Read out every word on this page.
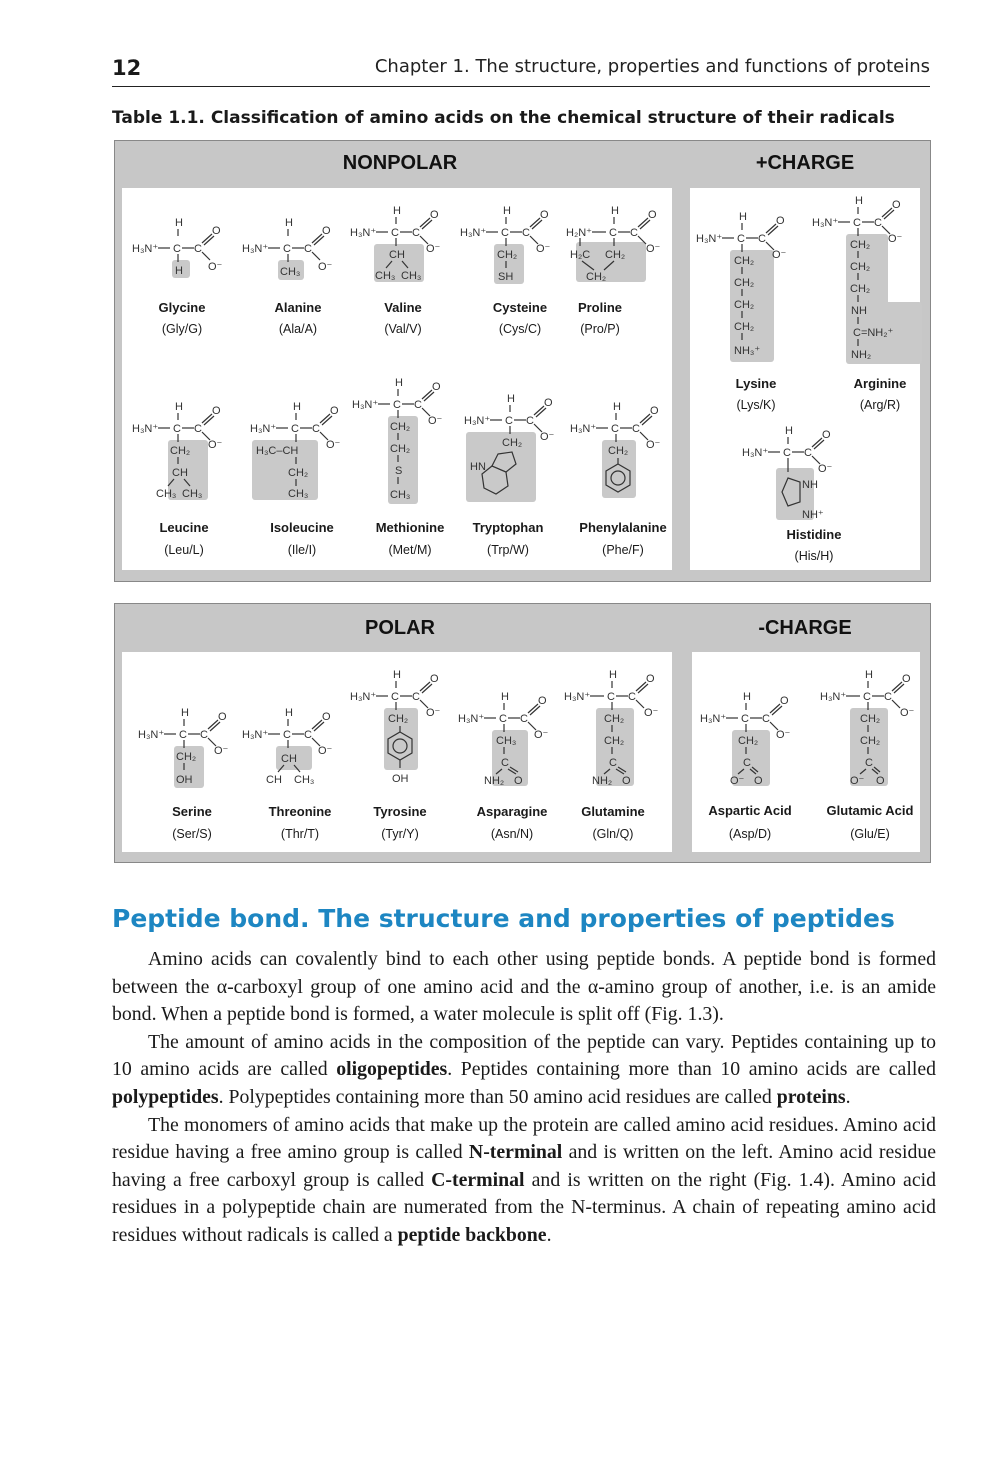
12	Chapter 1. The structure, properties and functions of proteins
Table 1.1. Classification of amino acids on the chemical structure of their radicals
NONPOLAR	+CHARGE
POLAR	-CHARGE
H
H₃N⁺ C C
O
O⁻
H
Glycine
(Gly/G)
H
H₃N⁺ C C
O
O⁻
CH₃
Alanine
(Ala/A)
H
H₃N⁺ C C
O
O⁻
CH
CH₃ CH₃
Valine
(Val/V)
H
H₃N⁺ C C
O
O⁻
CH₂
SH
Cysteine
(Cys/C)
H
H₂N⁺ C C
O
O⁻
H₂C CH₂
CH₂
Proline
(Pro/P)
H
H₃N⁺ C C
O
O⁻
CH₂
CH
CH₃ CH₃
Leucine
(Leu/L)
H
H₃N⁺ C C
O
O⁻
H₃C–CH
CH₂
CH₃
Isoleucine
(Ile/I)
H
H₃N⁺ C C
O
O⁻
CH₂
CH₂
S
CH₃
Methionine
(Met/M)
H
H₃N⁺ C C
O
O⁻
CH₂
HN
Tryptophan
(Trp/W)
H
H₃N⁺ C C
O
O⁻
CH₂
Phenylalanine
(Phe/F)
H
H₃N⁺ C C
O
O⁻
CH₂
CH₂
CH₂
CH₂
NH₃⁺
Lysine
(Lys/K)
H
H₃N⁺ C C
O
O⁻
CH₂
CH₂
CH₂
NH
C=NH₂⁺
NH₂
Arginine
(Arg/R)
H
H₃N⁺ C C
O
O⁻
NH
NH⁺
Histidine
(His/H)
H
H₃N⁺ C C
O
O⁻
CH₂
OH
Serine
(Ser/S)
H
H₃N⁺ C C
O
O⁻
CH
CH CH₃
Threonine
(Thr/T)
H
H₃N⁺ C C
O
O⁻
CH₂
OH
Tyrosine
(Tyr/Y)
H
H₃N⁺ C C
O
O⁻
CH₃
C
NH₂ O
Asparagine
(Asn/N)
H
H₃N⁺ C C
O
O⁻
CH₂
CH₂
C
NH₂ O
Glutamine
(Gln/Q)
H
H₃N⁺ C C
O
O⁻
CH₂
C
O⁻ O
Aspartic Acid
(Asp/D)
H
H₃N⁺ C C
O
O⁻
CH₂
CH₂
C
O⁻ O
Glutamic Acid
(Glu/E)
Peptide bond. The structure and properties of peptides

Amino acids can covalently bind to each other using peptide bonds. A peptide bond is formed between the α-carboxyl group of one amino acid and the α-amino group of another, i.e. is an amide bond. When a peptide bond is formed, a water molecule is split off (Fig. 1.3).

The amount of amino acids in the composition of the peptide can vary. Peptides containing up to 10 amino acids are called oligopeptides. Peptides containing more than 10 amino acids are called polypeptides. Polypeptides containing more than 50 amino acid residues are called proteins.

The monomers of amino acids that make up the protein are called amino acid residues. Amino acid residue having a free amino group is called N-terminal and is written on the left. Amino acid residue having a free carboxyl group is called C-terminal and is written on the right (Fig. 1.4). Amino acid residues in a polypeptide chain are numerated from the N-terminus. A chain of repeating amino acid residues without radicals is called a peptide backbone.
